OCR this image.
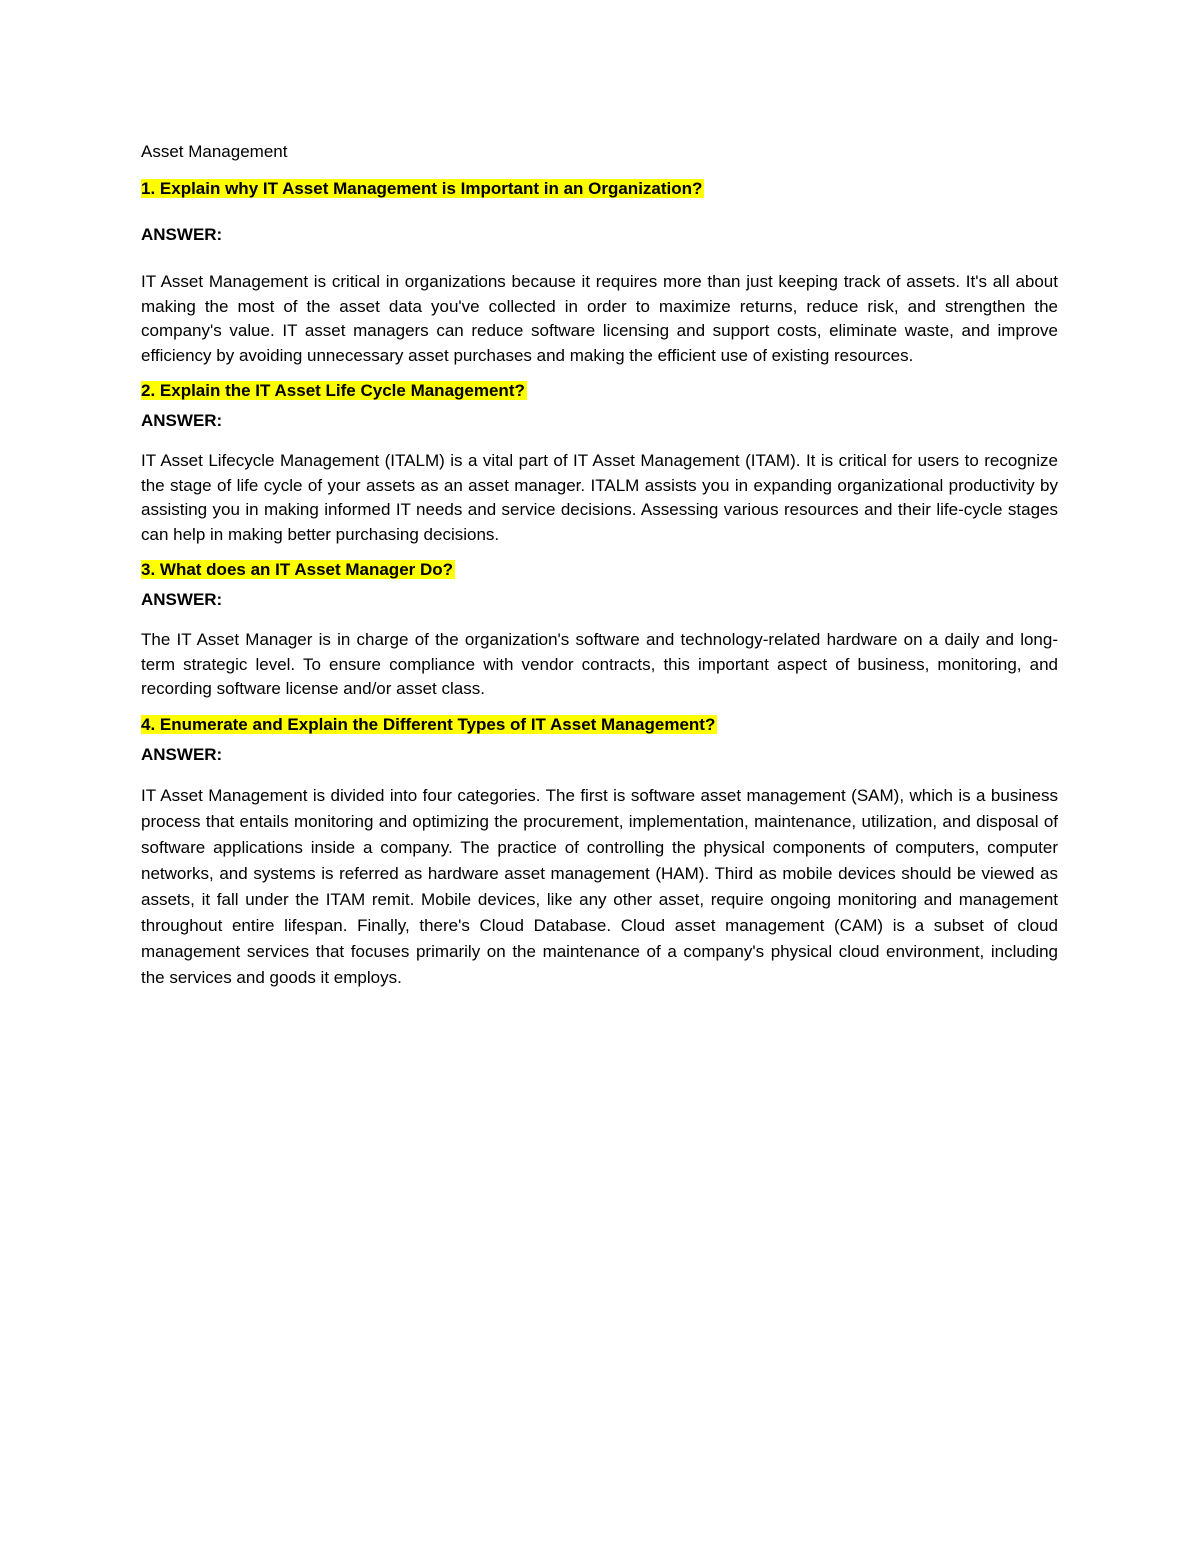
Asset Management

1. Explain why IT Asset Management is Important in an Organization?

ANSWER:

IT Asset Management is critical in organizations because it requires more than just keeping track of assets. It's all about making the most of the asset data you've collected in order to maximize returns, reduce risk, and strengthen the company's value. IT asset managers can reduce software licensing and support costs, eliminate waste, and improve efficiency by avoiding unnecessary asset purchases and making the efficient use of existing resources.

2. Explain the IT Asset Life Cycle Management?

ANSWER:

IT Asset Lifecycle Management (ITALM) is a vital part of IT Asset Management (ITAM). It is critical for users to recognize the stage of life cycle of your assets as an asset manager. ITALM assists you in expanding organizational productivity by assisting you in making informed IT needs and service decisions. Assessing various resources and their life-cycle stages can help in making better purchasing decisions.

3. What does an IT Asset Manager Do?

ANSWER:

The IT Asset Manager is in charge of the organization's software and technology-related hardware on a daily and long-term strategic level. To ensure compliance with vendor contracts, this important aspect of business, monitoring, and recording software license and/or asset class.

4. Enumerate and Explain the Different Types of IT Asset Management?

ANSWER:

IT Asset Management is divided into four categories. The first is software asset management (SAM), which is a business process that entails monitoring and optimizing the procurement, implementation, maintenance, utilization, and disposal of software applications inside a company. The practice of controlling the physical components of computers, computer networks, and systems is referred as hardware asset management (HAM). Third as mobile devices should be viewed as assets, it fall under the ITAM remit. Mobile devices, like any other asset, require ongoing monitoring and management throughout entire lifespan. Finally, there's Cloud Database. Cloud asset management (CAM) is a subset of cloud management services that focuses primarily on the maintenance of a company's physical cloud environment, including the services and goods it employs.
